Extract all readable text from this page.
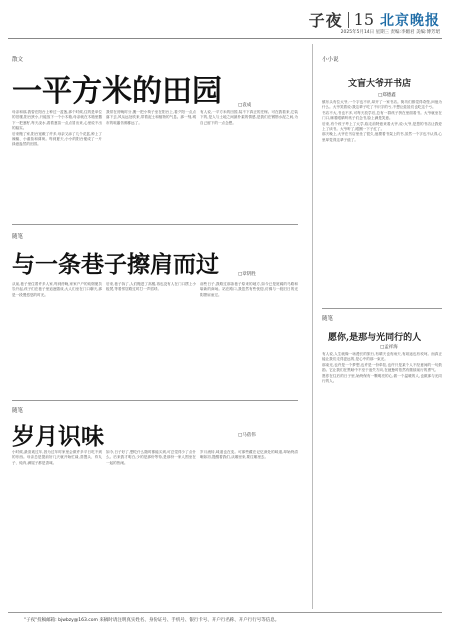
子夜 15 北京晚报
2025年5月14日 星期三 责编:李媚君 美编:傅芳珺
散文
一平方米的田园	□袁成
母亲和那,我曾在阳台上种过一盆葱,那个时候,住的是单位的旧楼,阳台狭小,只能放下一个小木箱,母亲就在木箱里撒下一把葱籽,每天浇水,看着葱苗一点点冒出来,心里说不出的踏实。
后来搬了家,阳台宽敞了许多,母亲又添了几个花盆,种上了辣椒、小番茄和薄荷。每到夏天,小小的阳台便成了一片绿意盎然的田园。
我常在傍晚时分,搬一把小椅子坐在阳台上,看夕阳一点点落下去,风从远处吹来,带着泥土和植物的气息。那一刻,城市的喧嚣仿佛都远了。
有人说,一平方米的田园,装不下真正的庄稼。可在我看来,它装下的,是人与土地之间最朴素的情感,是我们在钢筋水泥之间,为自己留下的一点念想。
随笔
与一条巷子擦肩而过	□章钥胜
从前,巷子里住着许多人家,每到傍晚,家家户户的炊烟便袅袅升起,孩子们在巷子里追逐嬉戏,大人们坐在门口聊天,那是一段慢悠悠的时光。
后来,巷子拆了,人们搬进了高楼,再也没有人在门口摆上小板凳,等着邻居路过时打一声招呼。
前些日子,我路过那条巷子原来的地方,如今已是宽阔的马路和崭新的商场。站在路口,我忽然有些恍惚,仿佛与一段旧日的光阴擦肩而过。
随笔
岁月识味	□马蓓伟
小时候,最喜欢过年,因为过年时家里会做许多平日吃不到的东西。母亲总是提前好几天就开始忙碌,蒸馒头、炸丸子、炖肉,满屋子都是香味。
如今,日子好了,想吃什么随时都能买到,可总觉得少了点什么。后来我才明白,少的是那份等待,是那份一家人围坐在一起的热闹。
岁月流转,味道也在变。可那些藏在记忆深处的味道,却始终清晰如初,提醒着我们,从哪里来,要往哪里去。
小小说
文盲大爷开书店
□郑德鑫
镇东头有位大爷,一个字也不识,却开了一家书店。街坊们都觉得奇怪,问他为什么。大爷笑着说:我这辈子吃了不识字的亏,不想让娃娃们也吃这个亏。
书店不大,书也不多,可每天放学后,总有一群孩子挤在里面看书。大爷就坐在门口,眯着眼睛听孩子们念书,脸上满是笑意。
后来,有个孩子考上了大学,临走前特意来看大爷,说:大爷,是您的书店让我爱上了读书。大爷听了,眼圈一下子红了。
那天晚上,大爷在书店里坐了很久,他摸着书架上的书,虽然一个字也不认得,心里却觉得这辈子值了。
随笔
愿你,是那与光同行的人
□孟祥海
有人说,人生就像一场漫长的旅行,有晴天也有雨天,有坦途也有坎坷。而真正能让我们走得更远的,是心中的那一束光。
那束光,也许是一个梦想,也许是一份牵挂,也许只是某个人不经意间的一句鼓励。它让我们在黑暗中不至于迷失方向,在疲惫时依然有继续前行的勇气。
愿你在往后的日子里,始终保有一颗明亮的心,做一个温暖的人,也做那与光同行的人。
"子夜"投稿邮箱: bjwbzy@163.com 来稿时请注明真实姓名、身份证号、手机号、银行卡号、开户行名称、开户行行号等信息。
